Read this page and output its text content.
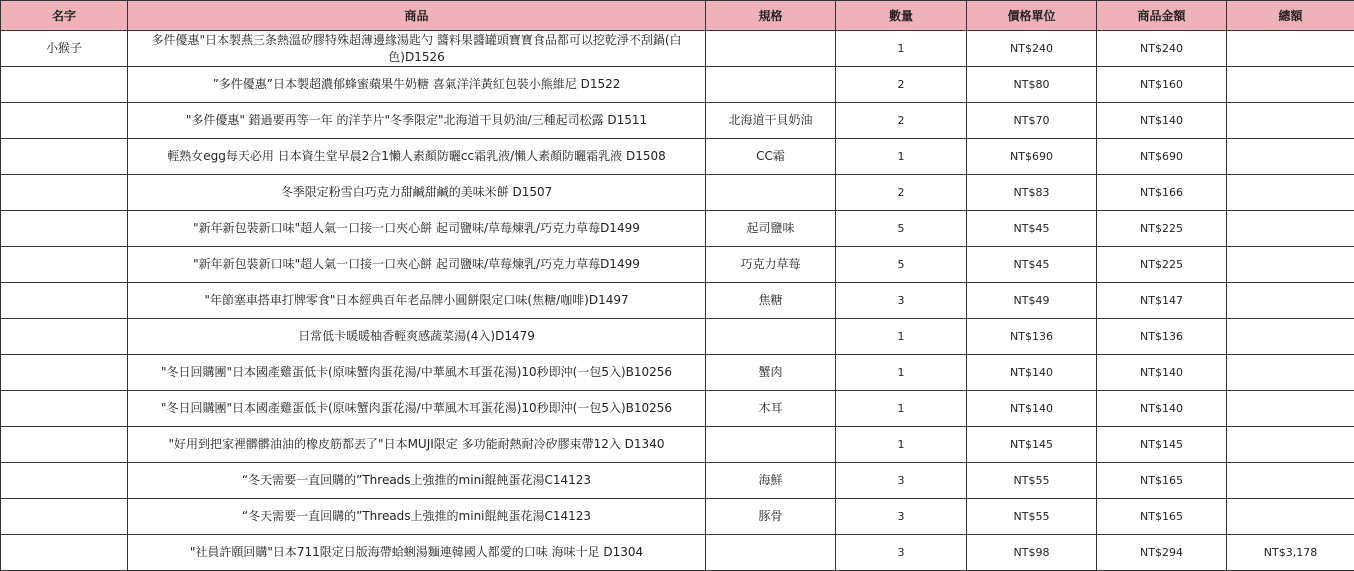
名字	商品	規格	數量	價格單位	商品金額	總額
小猴子	多件優惠"日本製燕三条熱溫矽膠特殊超薄邊緣湯匙勺 醬料果醬罐頭寶寶食品都可以挖乾淨不刮鍋(白色)D1526		1	NT$240	NT$240	
	”多件優惠”日本製超濃郁蜂蜜蘋果牛奶糖 喜氣洋洋黃紅包裝小熊維尼 D1522		2	NT$80	NT$160	
	"多件優惠" 錯過要再等一年 的洋芋片"冬季限定"北海道干貝奶油/三種起司松露 D1511	北海道干貝奶油	2	NT$70	NT$140	
	輕熟女egg每天必用 日本資生堂早晨2合1懶人素顏防曬cc霜乳液/懶人素顏防曬霜乳液 D1508	CC霜	1	NT$690	NT$690	
	冬季限定粉雪白巧克力甜鹹甜鹹的美味米餅 D1507		2	NT$83	NT$166	
	"新年新包裝新口味"超人氣一口接一口夾心餅 起司鹽味/草莓煉乳/巧克力草莓D1499	起司鹽味	5	NT$45	NT$225	
	"新年新包裝新口味"超人氣一口接一口夾心餅 起司鹽味/草莓煉乳/巧克力草莓D1499	巧克力草莓	5	NT$45	NT$225	
	"年節塞車搭車打牌零食"日本經典百年老品牌小圓餅限定口味(焦糖/咖啡)D1497	焦糖	3	NT$49	NT$147	
	日常低卡暖暖柚香輕爽感蔬菜湯(4入)D1479		1	NT$136	NT$136	
	"冬日回購團"日本國產雞蛋低卡(原味蟹肉蛋花湯/中華風木耳蛋花湯)10秒即沖(一包5入)B10256	蟹肉	1	NT$140	NT$140	
	"冬日回購團"日本國產雞蛋低卡(原味蟹肉蛋花湯/中華風木耳蛋花湯)10秒即沖(一包5入)B10256	木耳	1	NT$140	NT$140	
	"好用到把家裡髒髒油油的橡皮筋都丟了"日本MUJI限定 多功能耐熱耐冷矽膠束帶12入 D1340		1	NT$145	NT$145	
	“冬天需要一直回購的”Threads上強推的mini餛飩蛋花湯C14123	海鮮	3	NT$55	NT$165	
	“冬天需要一直回購的”Threads上強推的mini餛飩蛋花湯C14123	豚骨	3	NT$55	NT$165	
	"社員許願回購"日本711限定日版海帶蛤蜊湯麵連韓國人都愛的口味 海味十足 D1304		3	NT$98	NT$294	NT$3,178
